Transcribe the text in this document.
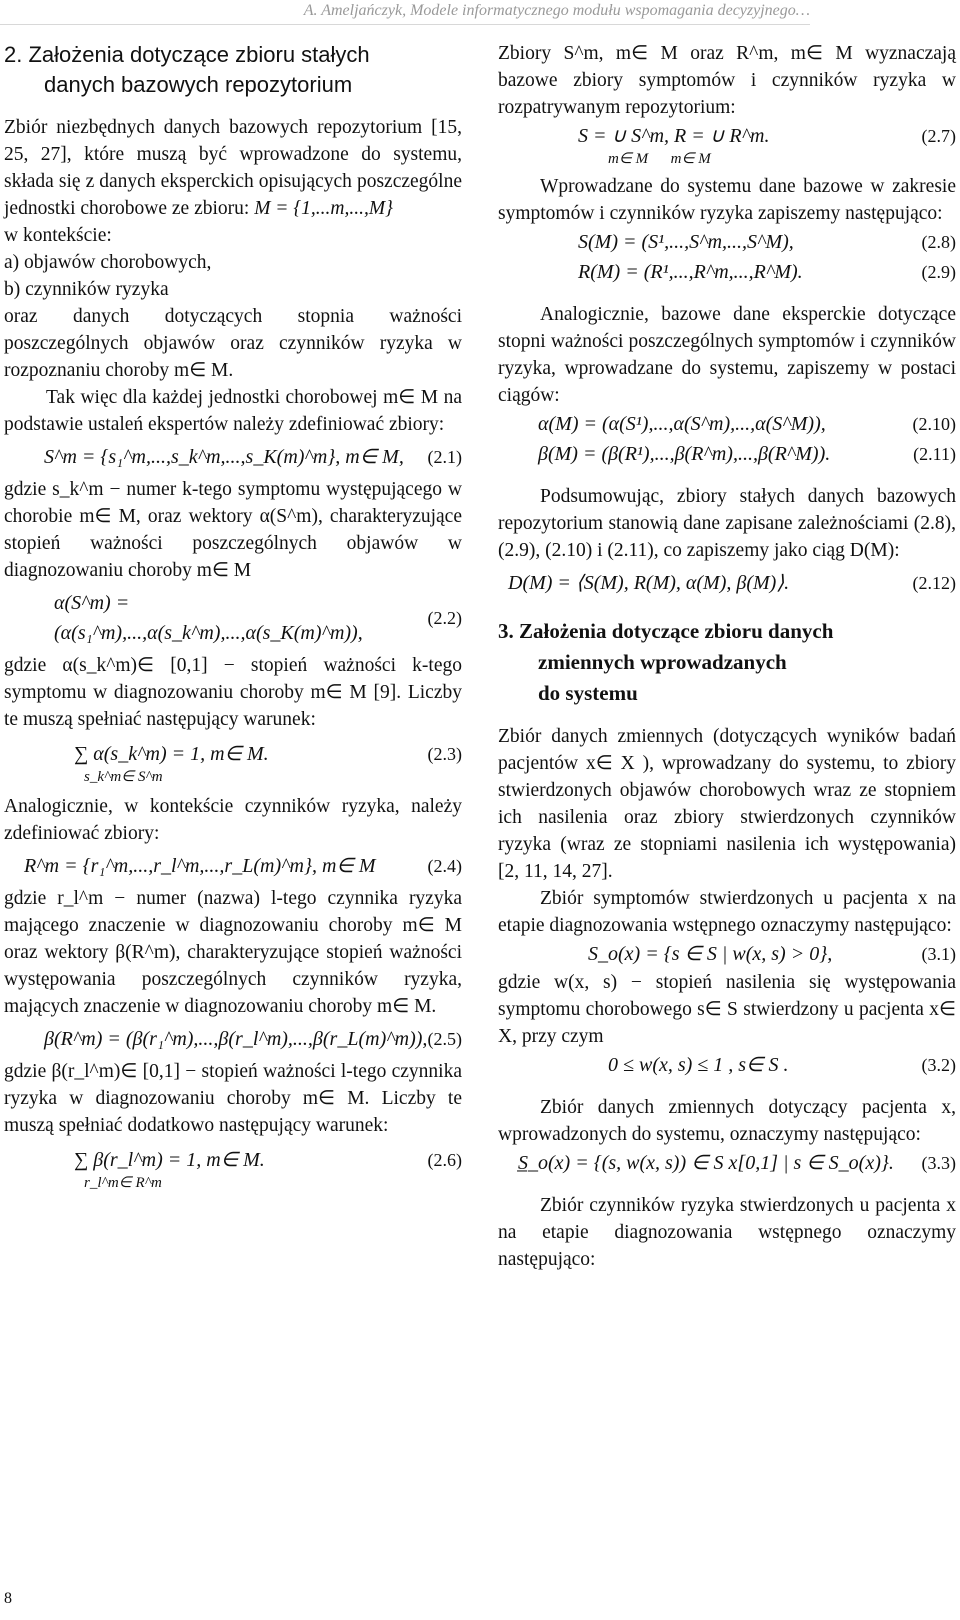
A. Ameljańczyk, Modele informatycznego modułu wspomagania decyzyjnego…

2. Założenia dotyczące zbioru stałych

danych bazowych repozytorium

Zbiór niezbędnych danych bazowych repozytorium [15, 25, 27], które muszą być wprowadzone do systemu, składa się z danych eksperckich opisujących poszczególne jednostki chorobowe ze zbioru: M = {1,...m,...,M}

w kontekście:

a) objawów chorobowych,

b) czynników ryzyka

oraz danych dotyczących stopnia ważności poszczególnych objawów oraz czynników ryzyka w rozpoznaniu choroby m∈ M.

Tak więc dla każdej jednostki chorobowej m∈ M na podstawie ustaleń ekspertów należy zdefiniować zbiory:

S^m = {s₁^m,...,s_k^m,...,s_K(m)^m}, m∈ M,	(2.1)

gdzie s_k^m − numer k-tego symptomu występującego w chorobie m∈ M, oraz wektory α(S^m), charakteryzujące stopień ważności poszczególnych objawów w diagnozowaniu choroby m∈ M

α(S^m) = (α(s₁^m),...,α(s_k^m),...,α(s_K(m)^m)),
(2.2)

gdzie α(s_k^m)∈ [0,1] − stopień ważności k-tego symptomu w diagnozowaniu choroby m∈ M [9]. Liczby te muszą spełniać następujący warunek:

∑ α(s_k^m) = 1, m∈ M.	(2.3)
s_k^m∈ S^m

Analogicznie, w kontekście czynników ryzyka, należy zdefiniować zbiory:

R^m = {r₁^m,...,r_l^m,...,r_L(m)^m}, m∈ M	(2.4)

gdzie r_l^m − numer (nazwa) l-tego czynnika ryzyka mającego znaczenie w diagnozowaniu choroby m∈ M oraz wektory β(R^m), charakteryzujące stopień ważności występowania poszczególnych czynników ryzyka, mających znaczenie w diagnozowaniu choroby m∈ M.

β(R^m) = (β(r₁^m),...,β(r_l^m),...,β(r_L(m)^m)), (2.5)

gdzie β(r_l^m)∈ [0,1] − stopień ważności l-tego czynnika ryzyka w diagnozowaniu choroby m∈ M. Liczby te muszą spełniać dodatkowo następujący warunek:

∑ β(r_l^m) = 1, m∈ M.	(2.6)
r_l^m∈ R^m

Zbiory S^m, m∈ M oraz R^m, m∈ M wyznaczają bazowe zbiory symptomów i czynników ryzyka w rozpatrywanym repozytorium:

S = ∪ S^m, R = ∪ R^m.	(2.7)
m∈ M      m∈ M

Wprowadzane do systemu dane bazowe w zakresie symptomów i czynników ryzyka zapiszemy następująco:

S(M) = (S¹,...,S^m,...,S^M),	(2.8)
R(M) = (R¹,...,R^m,...,R^M).	(2.9)

Analogicznie, bazowe dane eksperckie dotyczące stopni ważności poszczególnych symptomów i czynników ryzyka, wprowadzane do systemu, zapiszemy w postaci ciągów:

α(M) = (α(S¹),...,α(S^m),...,α(S^M)),	(2.10)
β(M) = (β(R¹),...,β(R^m),...,β(R^M)).	(2.11)

Podsumowując, zbiory stałych danych bazowych repozytorium stanowią dane zapisane zależnościami (2.8), (2.9), (2.10) i (2.11), co zapiszemy jako ciąg D(M):

D(M) = ⟨S(M), R(M), α(M), β(M)⟩.	(2.12)

3. Założenia dotyczące zbioru danych

zmiennych wprowadzanych

do systemu

Zbiór danych zmiennych (dotyczących wyników badań pacjentów x∈ X ), wprowadzany do systemu, to zbiory stwierdzonych objawów chorobowych wraz ze stopniem ich nasilenia oraz zbiory stwierdzonych czynników ryzyka (wraz ze stopniami nasilenia ich występowania) [2, 11, 14, 27].

Zbiór symptomów stwierdzonych u pacjenta x na etapie diagnozowania wstępnego oznaczymy następująco:

S_o(x) = {s ∈ S | w(x, s) > 0},	(3.1)

gdzie w(x, s) − stopień nasilenia się występowania symptomu chorobowego s∈ S stwierdzony u pacjenta x∈ X, przy czym

0 ≤ w(x, s) ≤ 1 , s∈ S .	(3.2)

Zbiór danych zmiennych dotyczący pacjenta x, wprowadzonych do systemu, oznaczymy następująco:

S̲_o(x) = {(s, w(x, s)) ∈ S x[0,1] | s ∈ S_o(x)}.	(3.3)

Zbiór czynników ryzyka stwierdzonych u pacjenta x na etapie diagnozowania wstępnego oznaczymy następująco:

8
